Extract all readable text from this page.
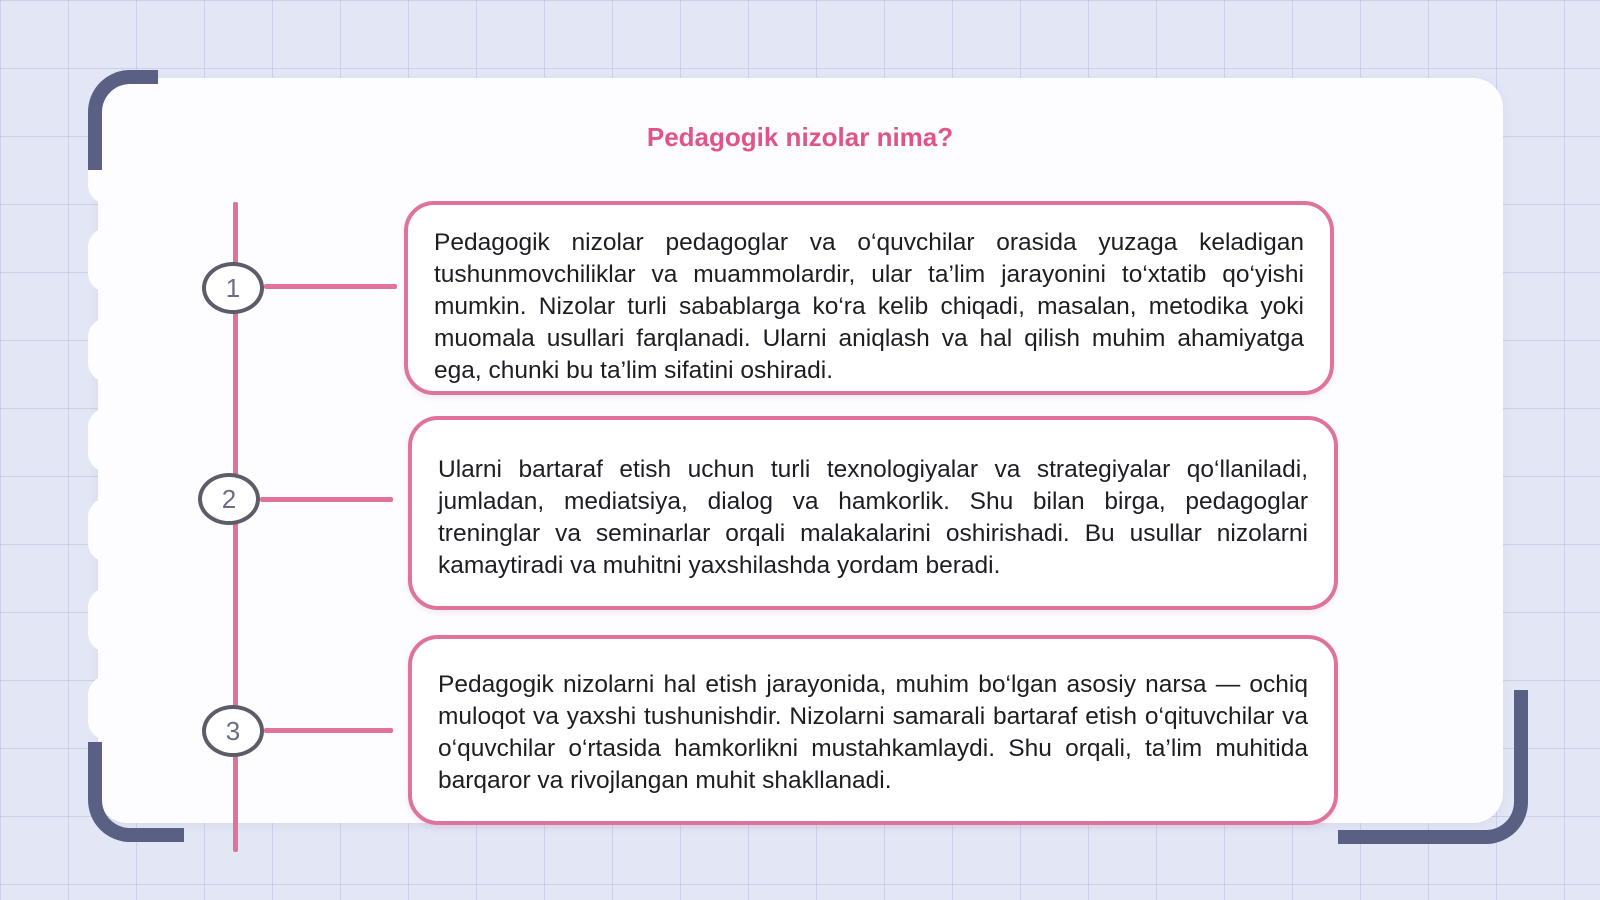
Pedagogik nizolar nima?
1

Pedagogik nizolar pedagoglar va o‘quvchilar orasida yuzaga keladigan tushunmovchiliklar va muammolardir, ular ta’lim jarayonini to‘xtatib qo‘yishi mumkin. Nizolar turli sabablarga ko‘ra kelib chiqadi, masalan, metodika yoki muomala usullari farqlanadi. Ularni aniqlash va hal qilish muhim ahamiyatga ega, chunki bu ta’lim sifatini oshiradi.

2

Ularni bartaraf etish uchun turli texnologiyalar va strategiyalar qo‘llaniladi, jumladan, mediatsiya, dialog va hamkorlik. Shu bilan birga, pedagoglar treninglar va seminarlar orqali malakalarini oshirishadi. Bu usullar nizolarni kamaytiradi va muhitni yaxshilashda yordam beradi.

3

Pedagogik nizolarni hal etish jarayonida, muhim bo‘lgan asosiy narsa — ochiq muloqot va yaxshi tushunishdir. Nizolarni samarali bartaraf etish o‘qituvchilar va o‘quvchilar o‘rtasida hamkorlikni mustahkamlaydi. Shu orqali, ta’lim muhitida barqaror va rivojlangan muhit shakllanadi.
